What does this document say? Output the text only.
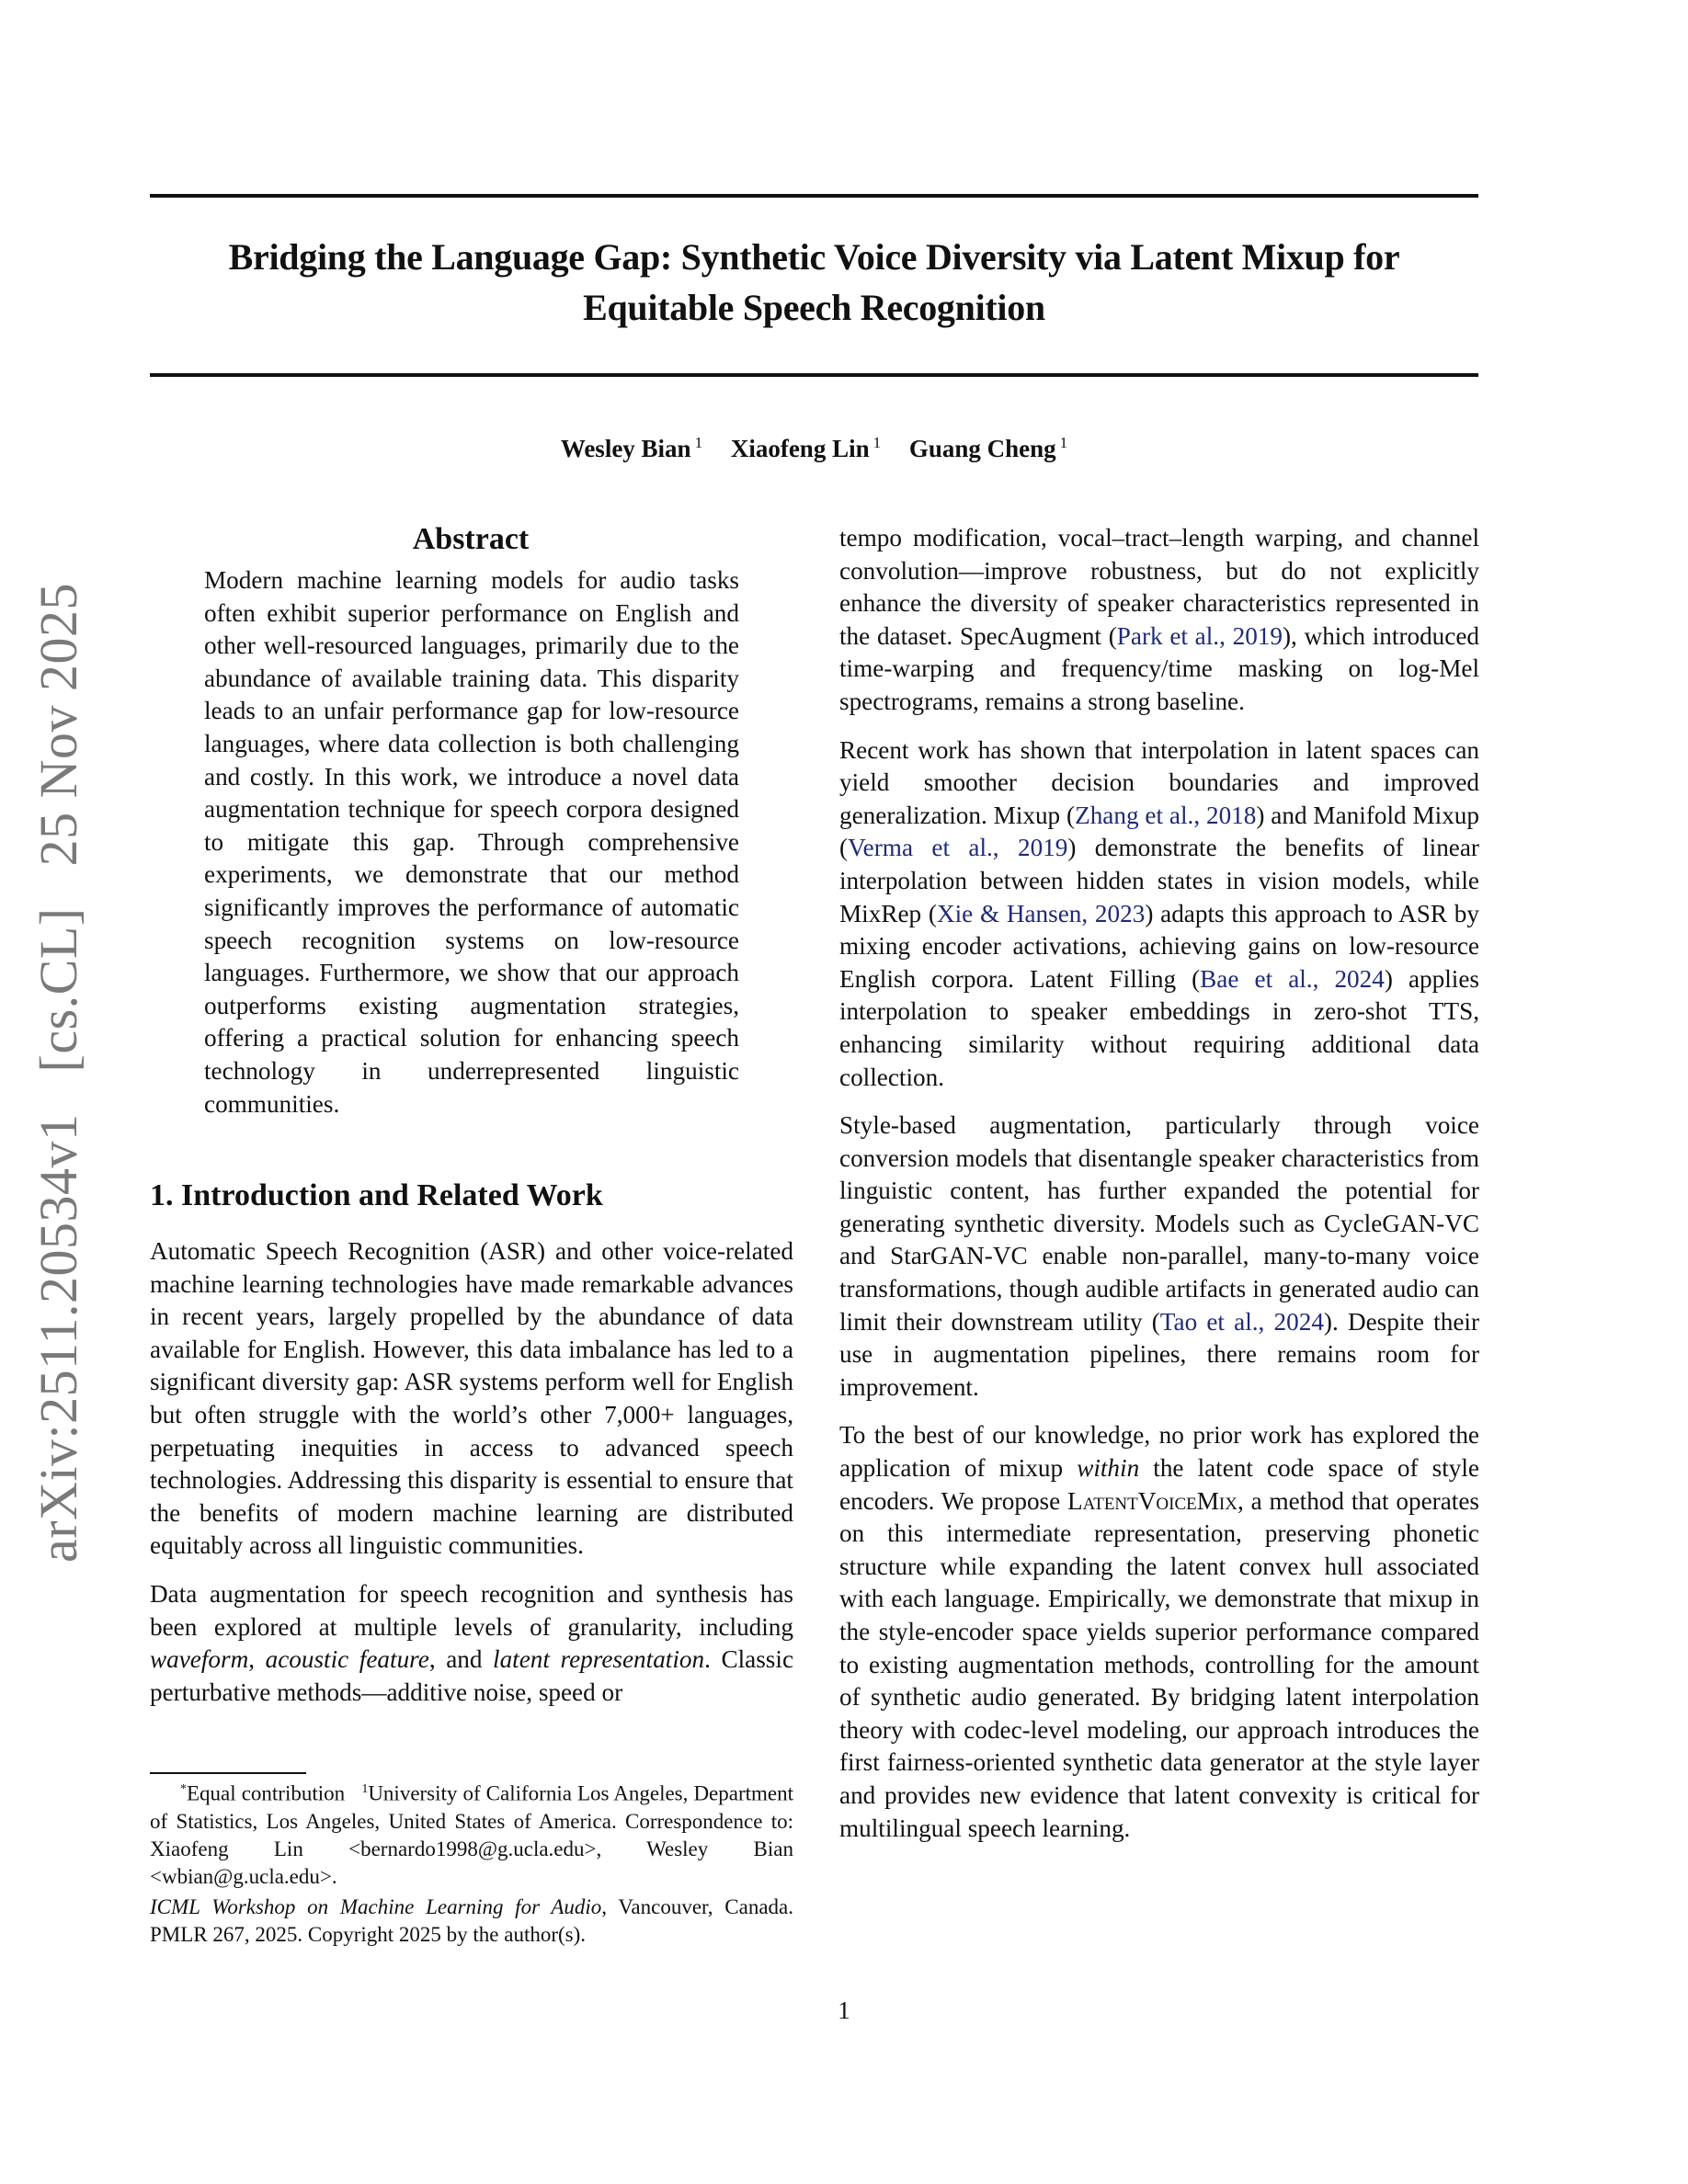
arXiv:2511.20534v1 [cs.CL] 25 Nov 2025
Bridging the Language Gap: Synthetic Voice Diversity via Latent Mixup for
Equitable Speech Recognition
Wesley Bian $^1$ Xiaofeng Lin $^1$ Guang Cheng $^1$
Abstract
Modern machine learning models for audio tasks often exhibit superior performance on English and other well-resourced languages, primarily due to the abundance of available training data. This disparity leads to an unfair performance gap for low-resource languages, where data collection is both challenging and costly. In this work, we introduce a novel data augmentation technique for speech corpora designed to mitigate this gap. Through comprehensive experiments, we demonstrate that our method significantly improves the performance of automatic speech recognition systems on low-resource languages. Furthermore, we show that our approach outperforms existing augmentation strategies, offering a practical solution for enhancing speech technology in underrepresented linguistic communities.
1. Introduction and Related Work

Automatic Speech Recognition (ASR) and other voice-related machine learning technologies have made remarkable advances in recent years, largely propelled by the abundance of data available for English. However, this data imbalance has led to a significant diversity gap: ASR systems perform well for English but often struggle with the world’s other 7,000+ languages, perpetuating inequities in access to advanced speech technologies. Addressing this disparity is essential to ensure that the benefits of modern machine learning are distributed equitably across all linguistic communities.

Data augmentation for speech recognition and synthesis has been explored at multiple levels of granularity, including waveform, acoustic feature, and latent representation. Classic perturbative methods—additive noise, speed or

tempo modification, vocal–tract–length warping, and channel convolution—improve robustness, but do not explicitly enhance the diversity of speaker characteristics represented in the dataset. SpecAugment (Park et al., 2019), which introduced time-warping and frequency/time masking on log-Mel spectrograms, remains a strong baseline.

Recent work has shown that interpolation in latent spaces can yield smoother decision boundaries and improved generalization. Mixup (Zhang et al., 2018) and Manifold Mixup (Verma et al., 2019) demonstrate the benefits of linear interpolation between hidden states in vision models, while MixRep (Xie & Hansen, 2023) adapts this approach to ASR by mixing encoder activations, achieving gains on low-resource English corpora. Latent Filling (Bae et al., 2024) applies interpolation to speaker embeddings in zero-shot TTS, enhancing similarity without requiring additional data collection.

Style-based augmentation, particularly through voice conversion models that disentangle speaker characteristics from linguistic content, has further expanded the potential for generating synthetic diversity. Models such as CycleGAN-VC and StarGAN-VC enable non-parallel, many-to-many voice transformations, though audible artifacts in generated audio can limit their downstream utility (Tao et al., 2024). Despite their use in augmentation pipelines, there remains room for improvement.

To the best of our knowledge, no prior work has explored the application of mixup within the latent code space of style encoders. We propose LatentVoiceMix, a method that operates on this intermediate representation, preserving phonetic structure while expanding the latent convex hull associated with each language. Empirically, we demonstrate that mixup in the style-encoder space yields superior performance compared to existing augmentation methods, controlling for the amount of synthetic audio generated. By bridging latent interpolation theory with codec-level modeling, our approach introduces the first fairness-oriented synthetic data generator at the style layer and provides new evidence that latent convexity is critical for multilingual speech learning.

*Equal contribution $^1$University of California Los Angeles, Department of Statistics, Los Angeles, United States of America. Correspondence to: Xiaofeng Lin <bernardo1998@g.ucla.edu>, Wesley Bian <wbian@g.ucla.edu>.

ICML Workshop on Machine Learning for Audio, Vancouver, Canada. PMLR 267, 2025. Copyright 2025 by the author(s).
1
